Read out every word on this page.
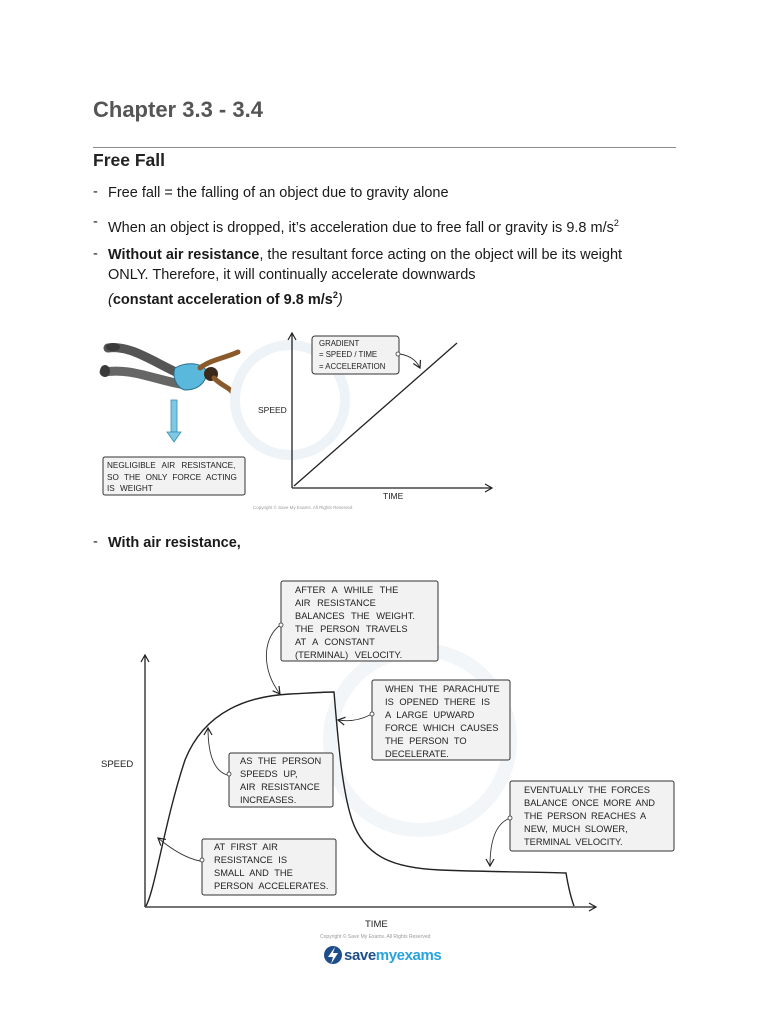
Chapter 3.3 - 3.4
Free Fall
- Free fall = the falling of an object due to gravity alone
- When an object is dropped, it’s acceleration due to free fall or gravity is 9.8 $m/s^2$
- Without air resistance, the resultant force acting on the object will be its weight
ONLY. Therefore, it will continually accelerate downwards
(constant acceleration of 9.8 $m/s^2$)
- With air resistance,
NEGLIGIBLE AIR RESISTANCE,
SO THE ONLY FORCE ACTING
IS WEIGHT
GRADIENT
= SPEED / TIME
= ACCELERATION
SPEED
TIME
Copyright © Save My Exams. All Rights Reserved
SPEED
TIME
AFTER A WHILE THE
AIR RESISTANCE
BALANCES THE WEIGHT.
THE PERSON TRAVELS
AT A CONSTANT
(TERMINAL) VELOCITY.
WHEN THE PARACHUTE
IS OPENED THERE IS
A LARGE UPWARD
FORCE WHICH CAUSES
THE PERSON TO
DECELERATE.
AS THE PERSON
SPEEDS UP,
AIR RESISTANCE
INCREASES.
AT FIRST AIR
RESISTANCE IS
SMALL AND THE
PERSON ACCELERATES.
EVENTUALLY THE FORCES
BALANCE ONCE MORE AND
THE PERSON REACHES A
NEW, MUCH SLOWER,
TERMINAL VELOCITY.
Copyright © Save My Exams. All Rights Reserved
savemyexams
